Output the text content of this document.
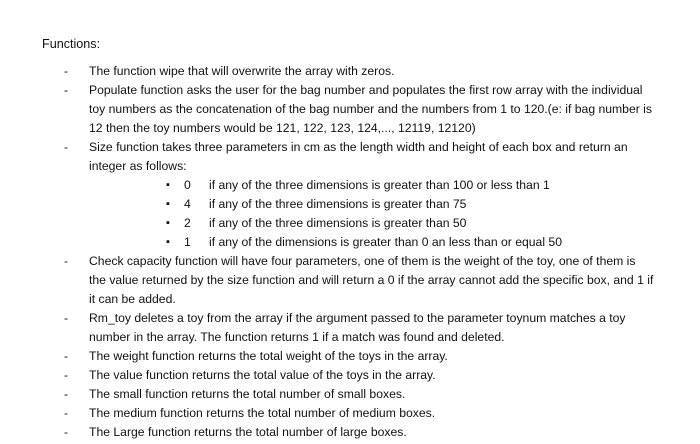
Functions:
- The function wipe that will overwrite the array with zeros.
- Populate function asks the user for the bag number and populates the first row array with the individual toy numbers as the concatenation of the bag number and the numbers from 1 to 120.(e: if bag number is 12 then the toy numbers would be 121, 122, 123, 124,..., 12119, 12120)
- Size function takes three parameters in cm as the length width and height of each box and return an integer as follows:
▪ 0 if any of the three dimensions is greater than 100 or less than 1
▪ 4 if any of the three dimensions is greater than 75
▪ 2 if any of the three dimensions is greater than 50
▪ 1 if any of the dimensions is greater than 0 an less than or equal 50
- Check capacity function will have four parameters, one of them is the weight of the toy, one of them is the value returned by the size function and will return a 0 if the array cannot add the specific box, and 1 if it can be added.
- Rm_toy deletes a toy from the array if the argument passed to the parameter toynum matches a toy number in the array. The function returns 1 if a match was found and deleted.
- The weight function returns the total weight of the toys in the array.
- The value function returns the total value of the toys in the array.
- The small function returns the total number of small boxes.
- The medium function returns the total number of medium boxes.
- The Large function returns the total number of large boxes.
